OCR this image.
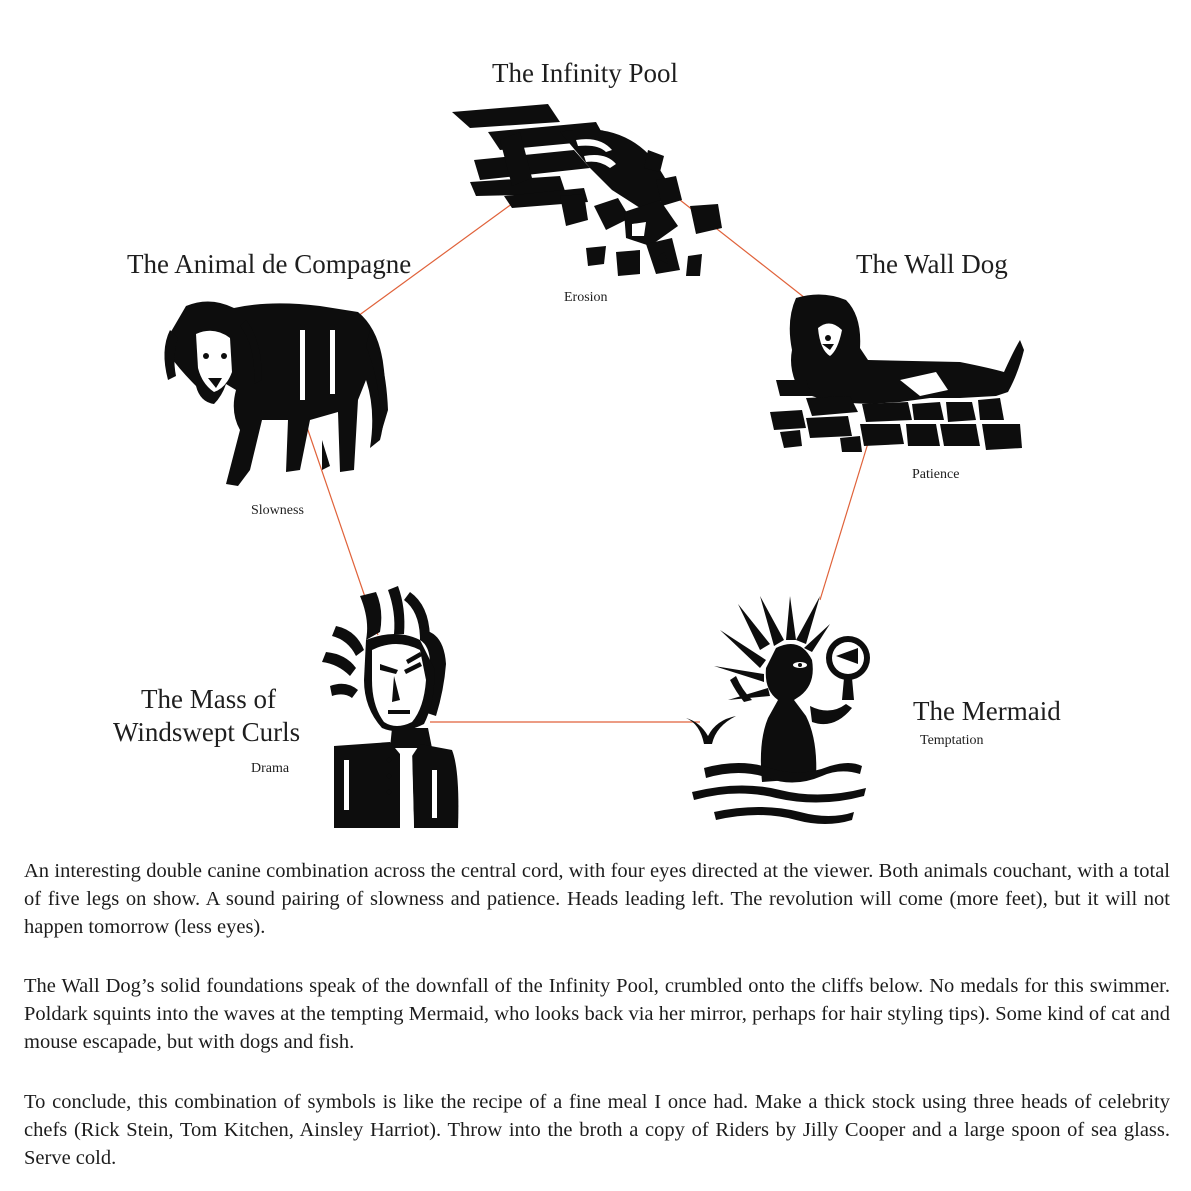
The Infinity Pool
Erosion
The Wall Dog
Patience
The Mermaid
Temptation
The Mass of
Windswept Curls
Drama
The Animal de Compagne
Slowness

An interesting double canine combination across the central cord, with four eyes directed at the viewer. Both animals couchant, with a total of five legs on show. A sound pairing of slowness and patience. Heads leading left. The revolution will come (more feet), but it will not happen tomorrow (less eyes).

The Wall Dog’s solid foundations speak of the downfall of the Infinity Pool, crumbled onto the cliffs below. No medals for this swimmer. Poldark squints into the waves at the tempting Mermaid, who looks back via her mirror, perhaps for hair styling tips). Some kind of cat and mouse escapade, but with dogs and fish.

To conclude, this combination of symbols is like the recipe of a fine meal I once had. Make a thick stock using three heads of celebrity chefs (Rick Stein, Tom Kitchen, Ainsley Harriot). Throw into the broth a copy of Riders by Jilly Cooper and a large spoon of sea glass. Serve cold.
